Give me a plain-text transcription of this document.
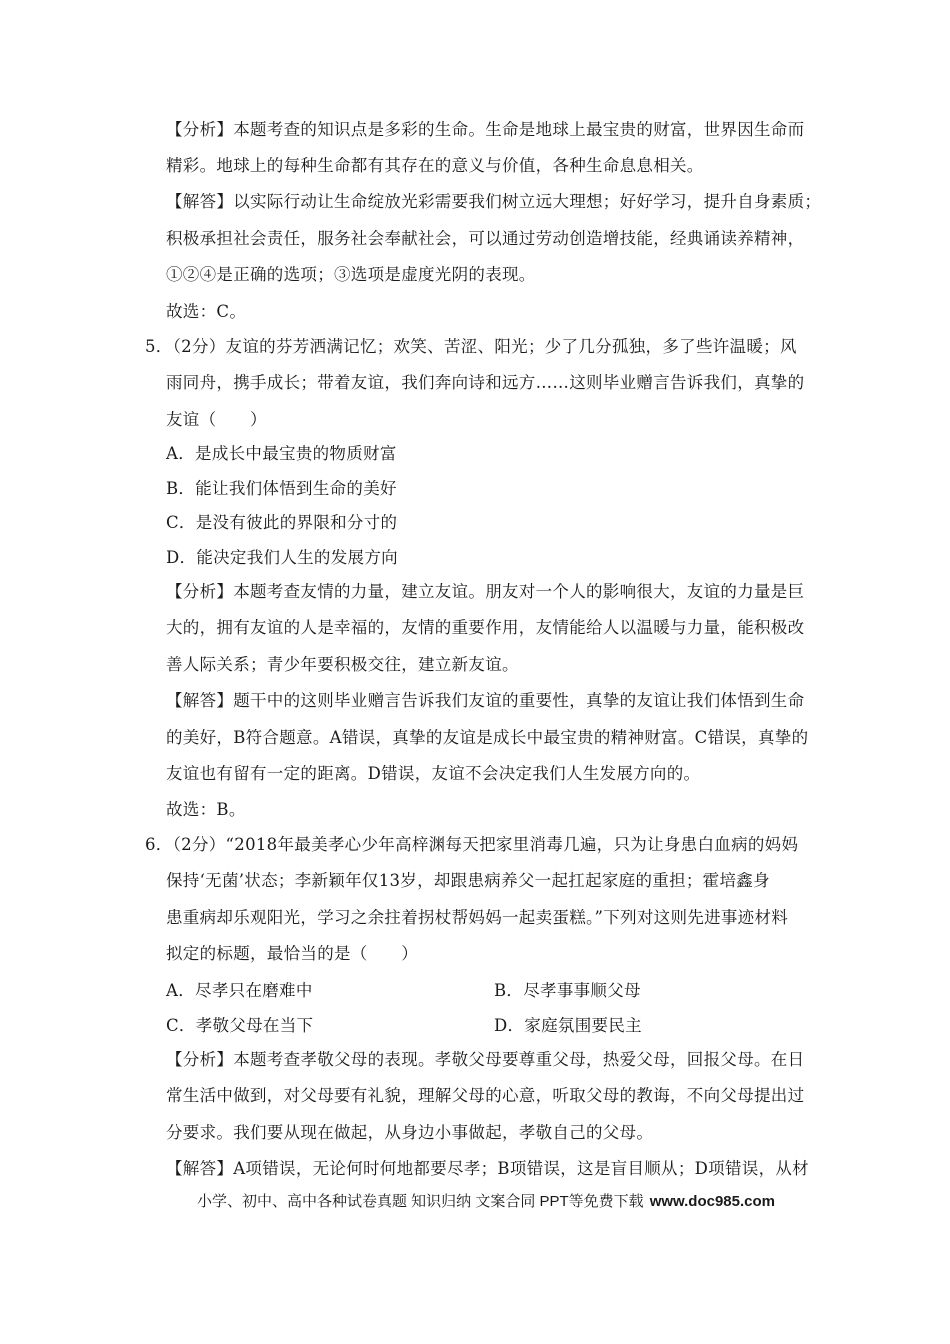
【分析】本题考查的知识点是多彩的生命。生命是地球上最宝贵的财富，世界因生命而
精彩。地球上的每种生命都有其存在的意义与价值，各种生命息息相关。
【解答】以实际行动让生命绽放光彩需要我们树立远大理想；好好学习，提升自身素质；
积极承担社会责任，服务社会奉献社会，可以通过劳动创造增技能，经典诵读养精神，
①②④是正确的选项；③选项是虚度光阴的表现。
故选：C。
5．（2分）友谊的芬芳洒满记忆；欢笑、苦涩、阳光；少了几分孤独，多了些许温暖；风
雨同舟，携手成长；带着友谊，我们奔向诗和远方……这则毕业赠言告诉我们，真挚的
友谊（　　）
A．是成长中最宝贵的物质财富
B．能让我们体悟到生命的美好
C．是没有彼此的界限和分寸的
D．能决定我们人生的发展方向
【分析】本题考查友情的力量，建立友谊。朋友对一个人的影响很大，友谊的力量是巨
大的，拥有友谊的人是幸福的，友情的重要作用，友情能给人以温暖与力量，能积极改
善人际关系；青少年要积极交往，建立新友谊。
【解答】题干中的这则毕业赠言告诉我们友谊的重要性，真挚的友谊让我们体悟到生命
的美好，B符合题意。A错误，真挚的友谊是成长中最宝贵的精神财富。C错误，真挚的
友谊也有留有一定的距离。D错误，友谊不会决定我们人生发展方向的。
故选：B。
6．（2分）“2018年最美孝心少年高梓渊每天把家里消毒几遍，只为让身患白血病的妈妈
保持‘无菌’状态；李新颖年仅13岁，却跟患病养父一起扛起家庭的重担；霍培鑫身
患重病却乐观阳光，学习之余拄着拐杖帮妈妈一起卖蛋糕。”下列对这则先进事迹材料
拟定的标题，最恰当的是（　　）
A．尽孝只在磨难中	B．尽孝事事顺父母
C．孝敬父母在当下	D．家庭氛围要民主
【分析】本题考查孝敬父母的表现。孝敬父母要尊重父母，热爱父母，回报父母。在日
常生活中做到，对父母要有礼貌，理解父母的心意，听取父母的教诲，不向父母提出过
分要求。我们要从现在做起，从身边小事做起，孝敬自己的父母。
【解答】A项错误，无论何时何地都要尽孝；B项错误，这是盲目顺从；D项错误，从材
小学、初中、高中各种试卷真题 知识归纳 文案合同 PPT等免费下载 www.doc985.com
